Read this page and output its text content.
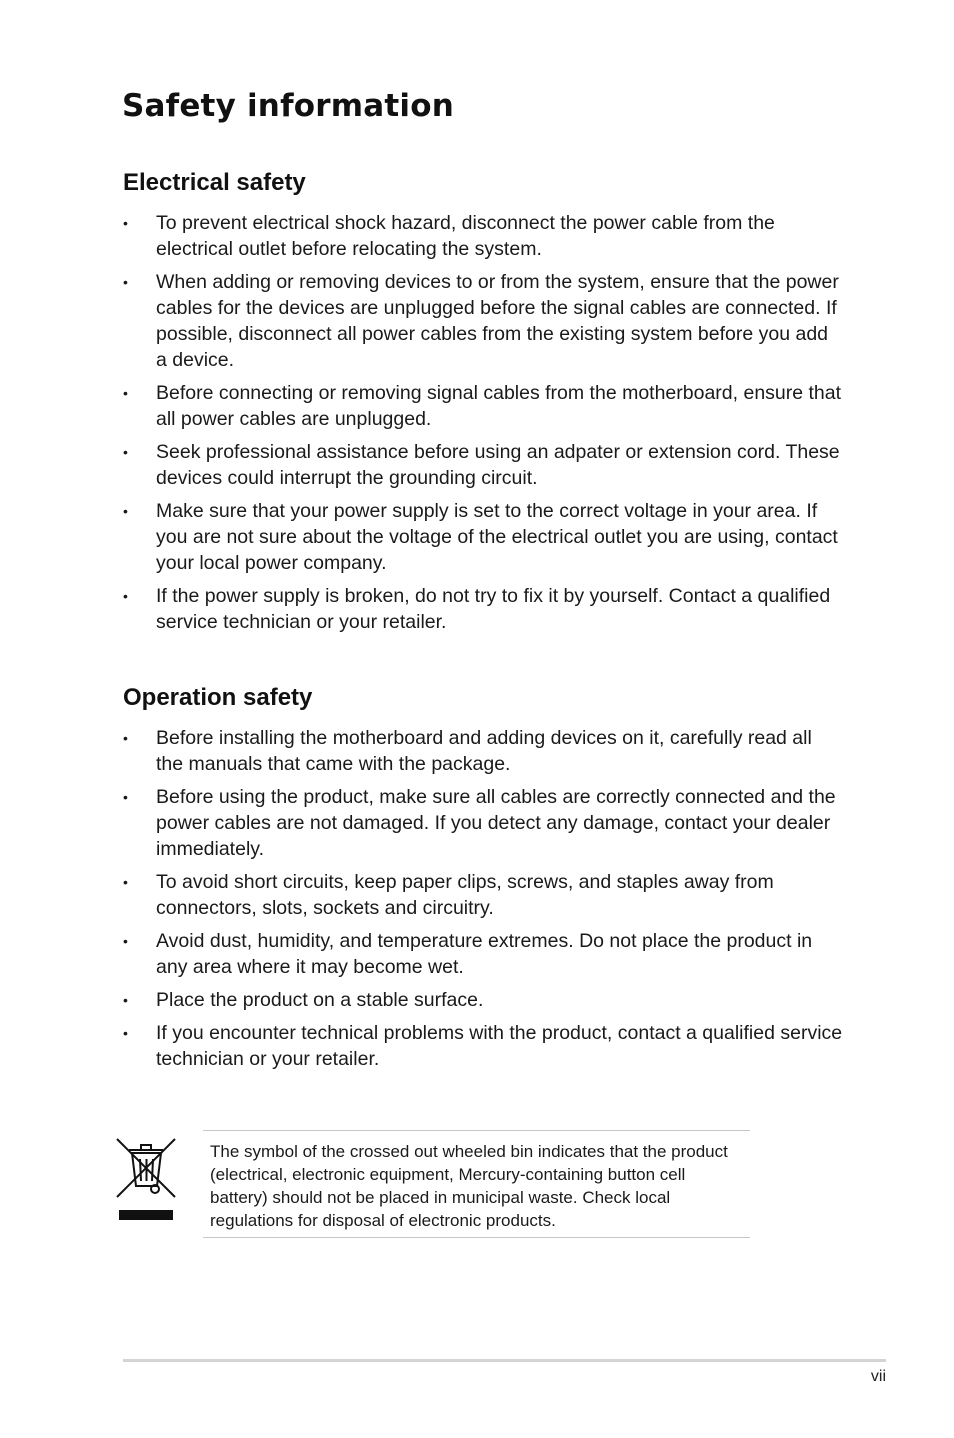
Safety information
Electrical safety
• To prevent electrical shock hazard, disconnect the power cable from the electrical outlet before relocating the system.
• When adding or removing devices to or from the system, ensure that the power cables for the devices are unplugged before the signal cables are connected. If possible, disconnect all power cables from the existing system before you add a device.
• Before connecting or removing signal cables from the motherboard, ensure that all power cables are unplugged.
• Seek professional assistance before using an adpater or extension cord. These devices could interrupt the grounding circuit.
• Make sure that your power supply is set to the correct voltage in your area. If you are not sure about the voltage of the electrical outlet you are using, contact your local power company.
• If the power supply is broken, do not try to fix it by yourself. Contact a qualified service technician or your retailer.
Operation safety
• Before installing the motherboard and adding devices on it, carefully read all the manuals that came with the package.
• Before using the product, make sure all cables are correctly connected and the power cables are not damaged. If you detect any damage, contact your dealer immediately.
• To avoid short circuits, keep paper clips, screws, and staples away from connectors, slots, sockets and circuitry.
• Avoid dust, humidity, and temperature extremes. Do not place the product in any area where it may become wet.
• Place the product on a stable surface.
• If you encounter technical problems with the product, contact a qualified service technician or your retailer.
The symbol of the crossed out wheeled bin indicates that the product (electrical, electronic equipment, Mercury-containing button cell battery) should not be placed in municipal waste. Check local regulations for disposal of electronic products.
vii
